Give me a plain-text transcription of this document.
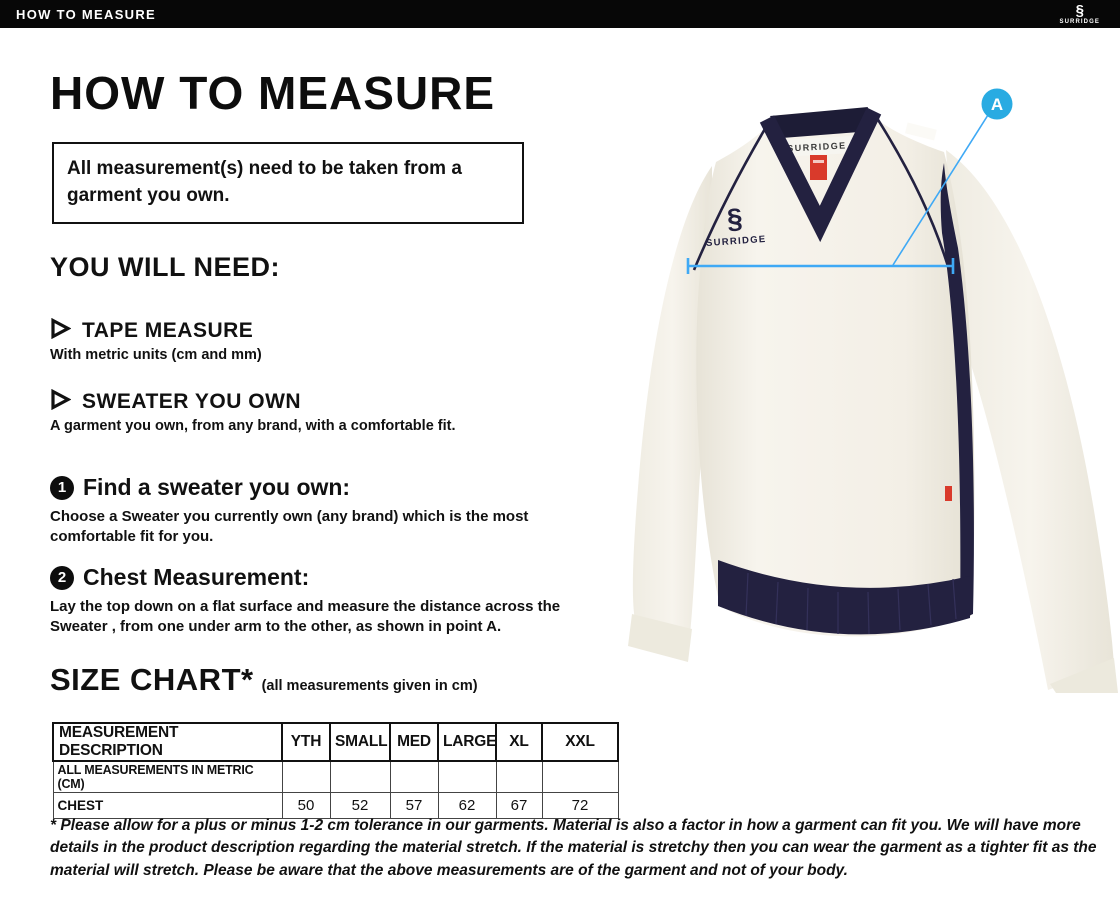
HOW TO MEASURE	§
SURRIDGE
HOW TO MEASURE
All measurement(s) need to be taken from a garment you own.
YOU WILL NEED:
TAPE MEASURE
With metric units (cm and mm)
SWEATER YOU OWN
A garment you own, from any brand, with a comfortable fit.
1 Find a sweater you own:
Choose a Sweater you currently own (any brand) which is the most comfortable fit for you.
2 Chest Measurement:
Lay the top down on a flat surface and measure the distance across the Sweater , from one under arm to the other, as shown in point A.
SIZE CHART* (all measurements given in cm)
MEASUREMENT DESCRIPTION	YTH	SMALL	MED	LARGE	XL	XXL
ALL MEASUREMENTS IN METRIC (CM)						
CHEST	50	52	57	62	67	72
* Please allow for a plus or minus 1-2 cm tolerance in our garments. Material is also a factor in how a garment can fit you. We will have more details in the product description regarding the material stretch. If the material is stretchy then you can wear the garment as a tighter fit as the material will stretch. Please be aware that the above measurements are of the garment and not of your body.
SURRIDGE
§
SURRIDGE
A
